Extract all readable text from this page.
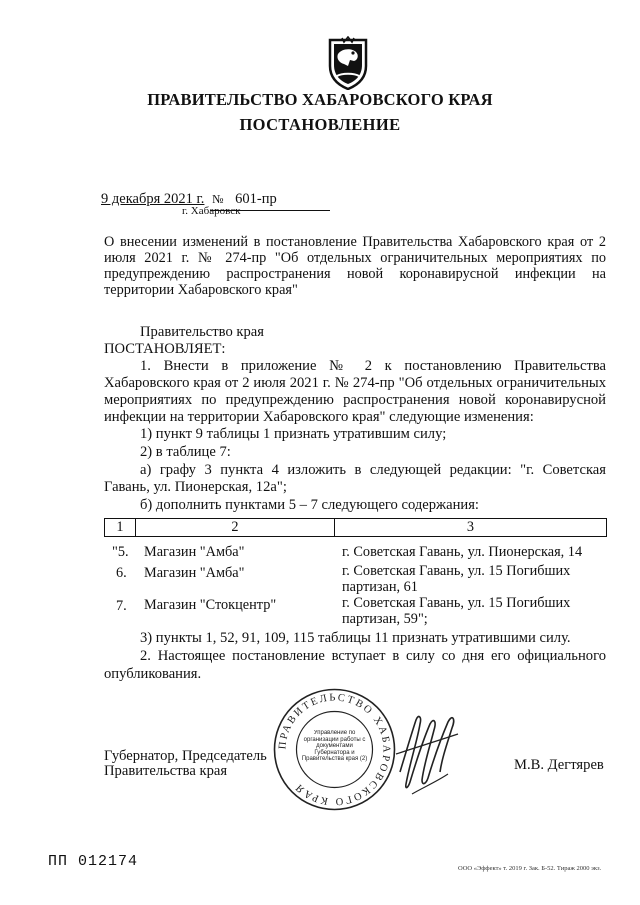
ПРАВИТЕЛЬСТВО ХАБАРОВСКОГО КРАЯ
ПОСТАНОВЛЕНИЕ
9 декабря 2021 г. № 601-пр
г. Хабаровск
О внесении изменений в постановление Правительства Хабаровского края от 2 июля 2021 г. № 274-пр "Об отдельных ограничительных мероприятиях по предупреждению распространения новой коронавирусной инфекции на территории Хабаровского края"
Правительство края
ПОСТАНОВЛЯЕТ:
1. Внести в приложение № 2 к постановлению Правительства
Хабаровского края от 2 июля 2021 г. № 274-пр "Об отдельных ограничительных мероприятиях по предупреждению распространения новой коронавирусной инфекции на территории Хабаровского края" следующие изменения:
1) пункт 9 таблицы 1 признать утратившим силу;
2) в таблице 7:
а) графу 3 пункта 4 изложить в следующей редакции: "г. Советская
Гавань, ул. Пионерская, 12а";
б) дополнить пунктами 5 – 7 следующего содержания:
1	2	3
"5. Магазин "Амба"	г. Советская Гавань, ул. Пионерская, 14
6. Магазин "Амба"	г. Советская Гавань, ул. 15 Погибших партизан, 61
7. Магазин "Стокцентр"	г. Советская Гавань, ул. 15 Погибших партизан, 59";
3) пункты 1, 52, 91, 109, 115 таблицы 11 признать утратившими силу.
2. Настоящее постановление вступает в силу со дня его официального
опубликования.
Губернатор, Председатель
Правительства края	М.В. Дегтярев
ПРАВИТЕЛЬСТВО ХАБАРОВСКОГО КРАЯ
Управление по организации работы с документами Губернатора и Правительства края (2)
ПП 012174	ООО «Эффект» т. 2019 г. Зак. Б-52. Тираж 2000 экз.
